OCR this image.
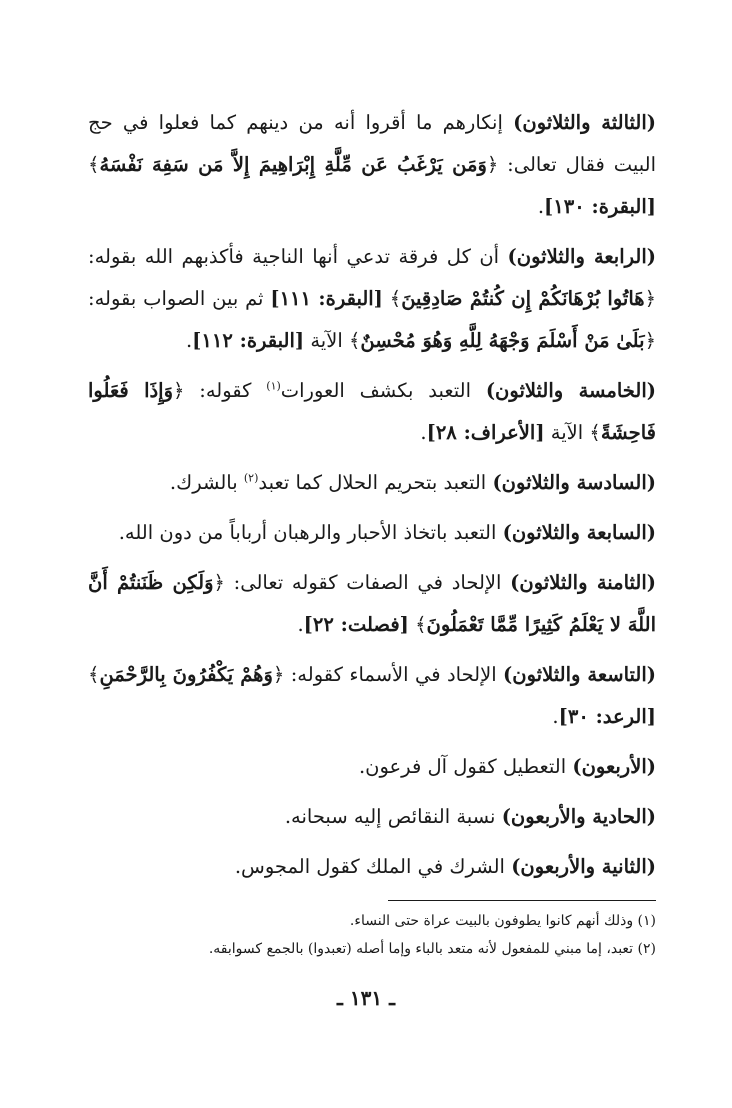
( الثالثة والثلاثون ) إنكارهم ما أقروا أنه من دينهم كما فعلوا في حج البيت فقال تعالى: ﴿وَمَن يَرْغَبُ عَن مِّلَّةِ إِبْرَاهِيمَ إِلاَّ مَن سَفِهَ نَفْسَهُ﴾ [البقرة: ١٣٠].

( الرابعة والثلاثون ) أن كل فرقة تدعي أنها الناجية فأكذبهم الله بقوله: ﴿هَاتُوا بُرْهَانَكُمْ إِن كُنتُمْ صَادِقِينَ﴾ [البقرة: ١١١] ثم بين الصواب بقوله: ﴿بَلَىٰ مَنْ أَسْلَمَ وَجْهَهُ لِلَّهِ وَهُوَ مُحْسِنٌ﴾ الآية [البقرة: ١١٢].

( الخامسة والثلاثون ) التعبد بكشف العورات$^{(١)}$ كقوله: ﴿وَإِذَا فَعَلُوا فَاحِشَةً﴾ الآية [الأعراف: ٢٨].

( السادسة والثلاثون ) التعبد بتحريم الحلال كما تعبد$^{(٢)}$ بالشرك.

( السابعة والثلاثون ) التعبد باتخاذ الأحبار والرهبان أرباباً من دون الله.

( الثامنة والثلاثون ) الإلحاد في الصفات كقوله تعالى: ﴿وَلَكِن ظَنَنتُمْ أَنَّ اللَّهَ لا يَعْلَمُ كَثِيرًا مِّمَّا تَعْمَلُونَ﴾ [فصلت: ٢٢].

( التاسعة والثلاثون ) الإلحاد في الأسماء كقوله: ﴿وَهُمْ يَكْفُرُونَ بِالرَّحْمَنِ﴾ [الرعد: ٣٠].

( الأربعون ) التعطيل كقول آل فرعون.

( الحادية والأربعون ) نسبة النقائص إليه سبحانه.

( الثانية والأربعون ) الشرك في الملك كقول المجوس.

(١) وذلك أنهم كانوا يطوفون بالبيت عراة حتى النساء.

(٢) تعبد، إما مبني للمفعول لأنه متعد بالباء وإما أصله (تعبدوا) بالجمع كسوابقه.

ـ ١٣١ ـ
